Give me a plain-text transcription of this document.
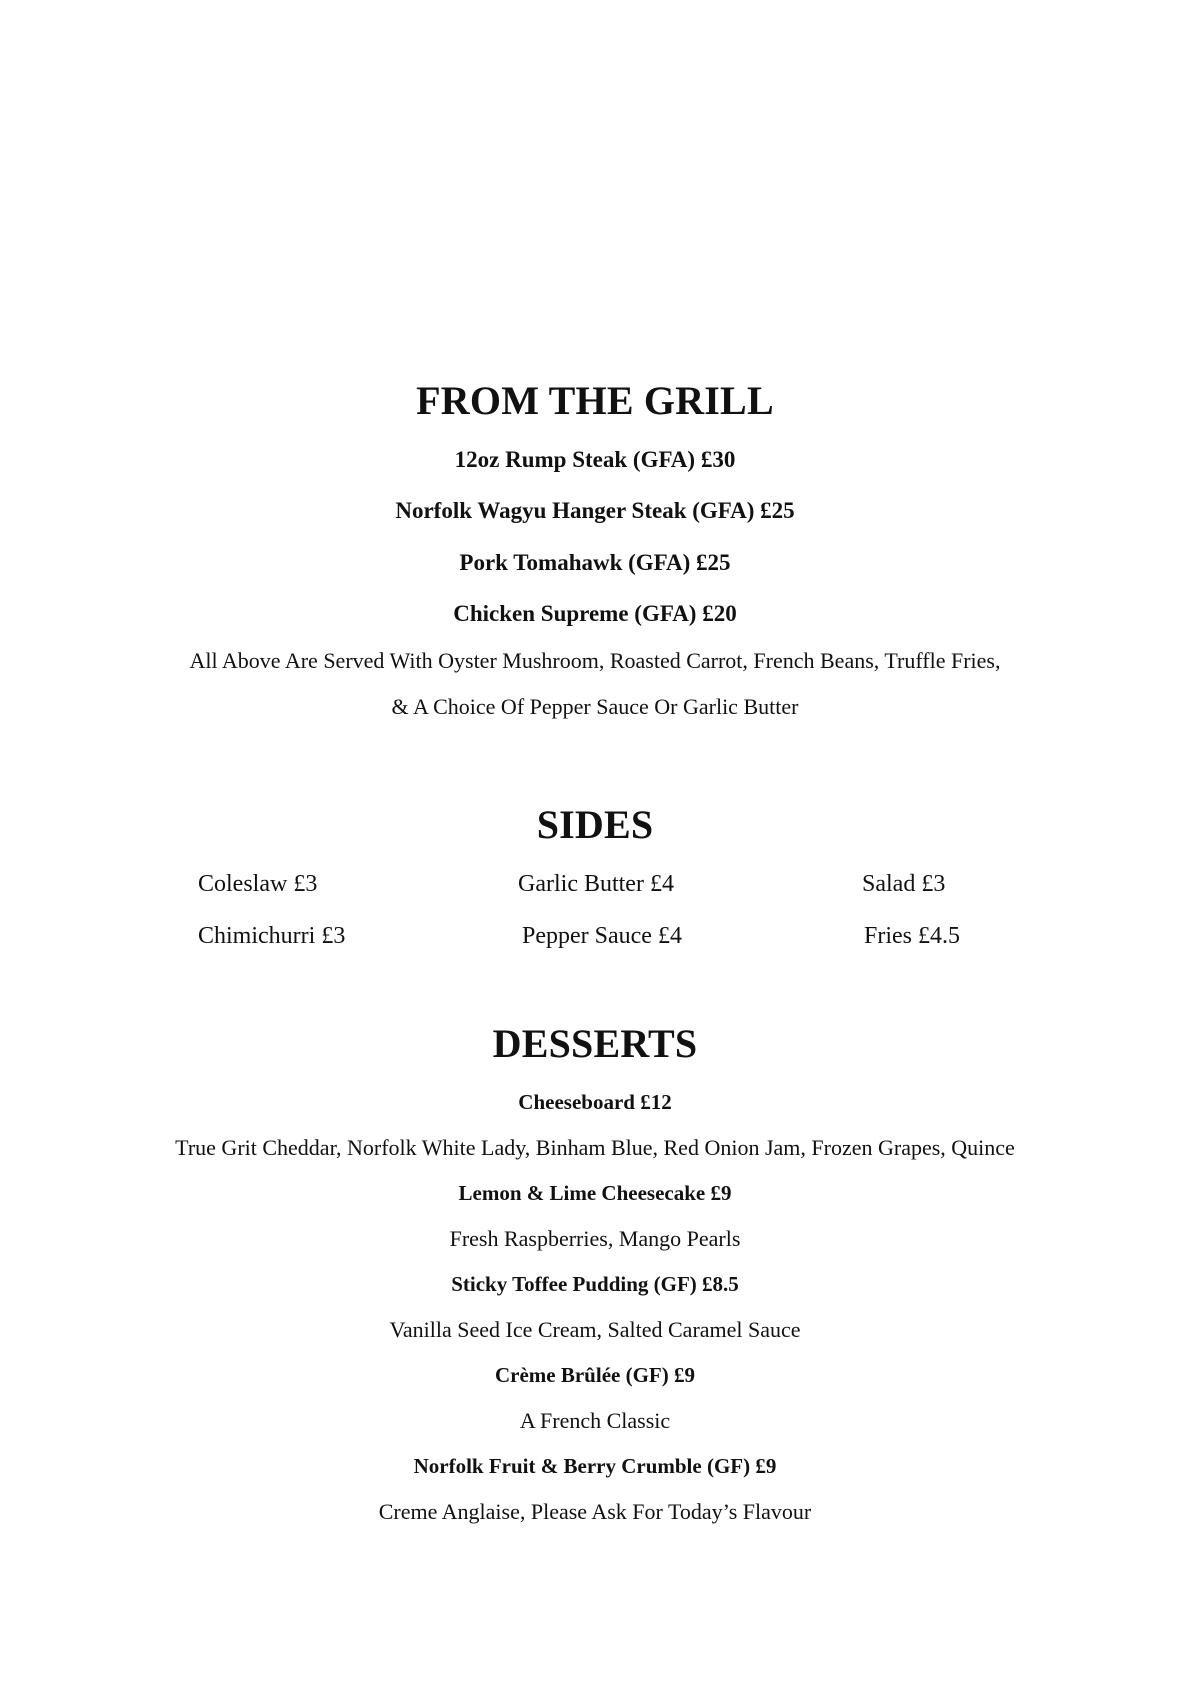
FROM THE GRILL
12oz Rump Steak (GFA) £30
Norfolk Wagyu Hanger Steak (GFA) £25
Pork Tomahawk (GFA) £25
Chicken Supreme (GFA) £20
All Above Are Served With Oyster Mushroom, Roasted Carrot, French Beans, Truffle Fries,
& A Choice Of Pepper Sauce Or Garlic Butter
SIDES
Coleslaw £3	Garlic Butter £4	Salad £3
Chimichurri £3	Pepper Sauce £4	Fries £4.5
DESSERTS
Cheeseboard £12
True Grit Cheddar, Norfolk White Lady, Binham Blue, Red Onion Jam, Frozen Grapes, Quince
Lemon & Lime Cheesecake £9
Fresh Raspberries, Mango Pearls
Sticky Toffee Pudding (GF) £8.5
Vanilla Seed Ice Cream, Salted Caramel Sauce
Crème Brûlée (GF) £9
A French Classic
Norfolk Fruit & Berry Crumble (GF) £9
Creme Anglaise, Please Ask For Today’s Flavour
